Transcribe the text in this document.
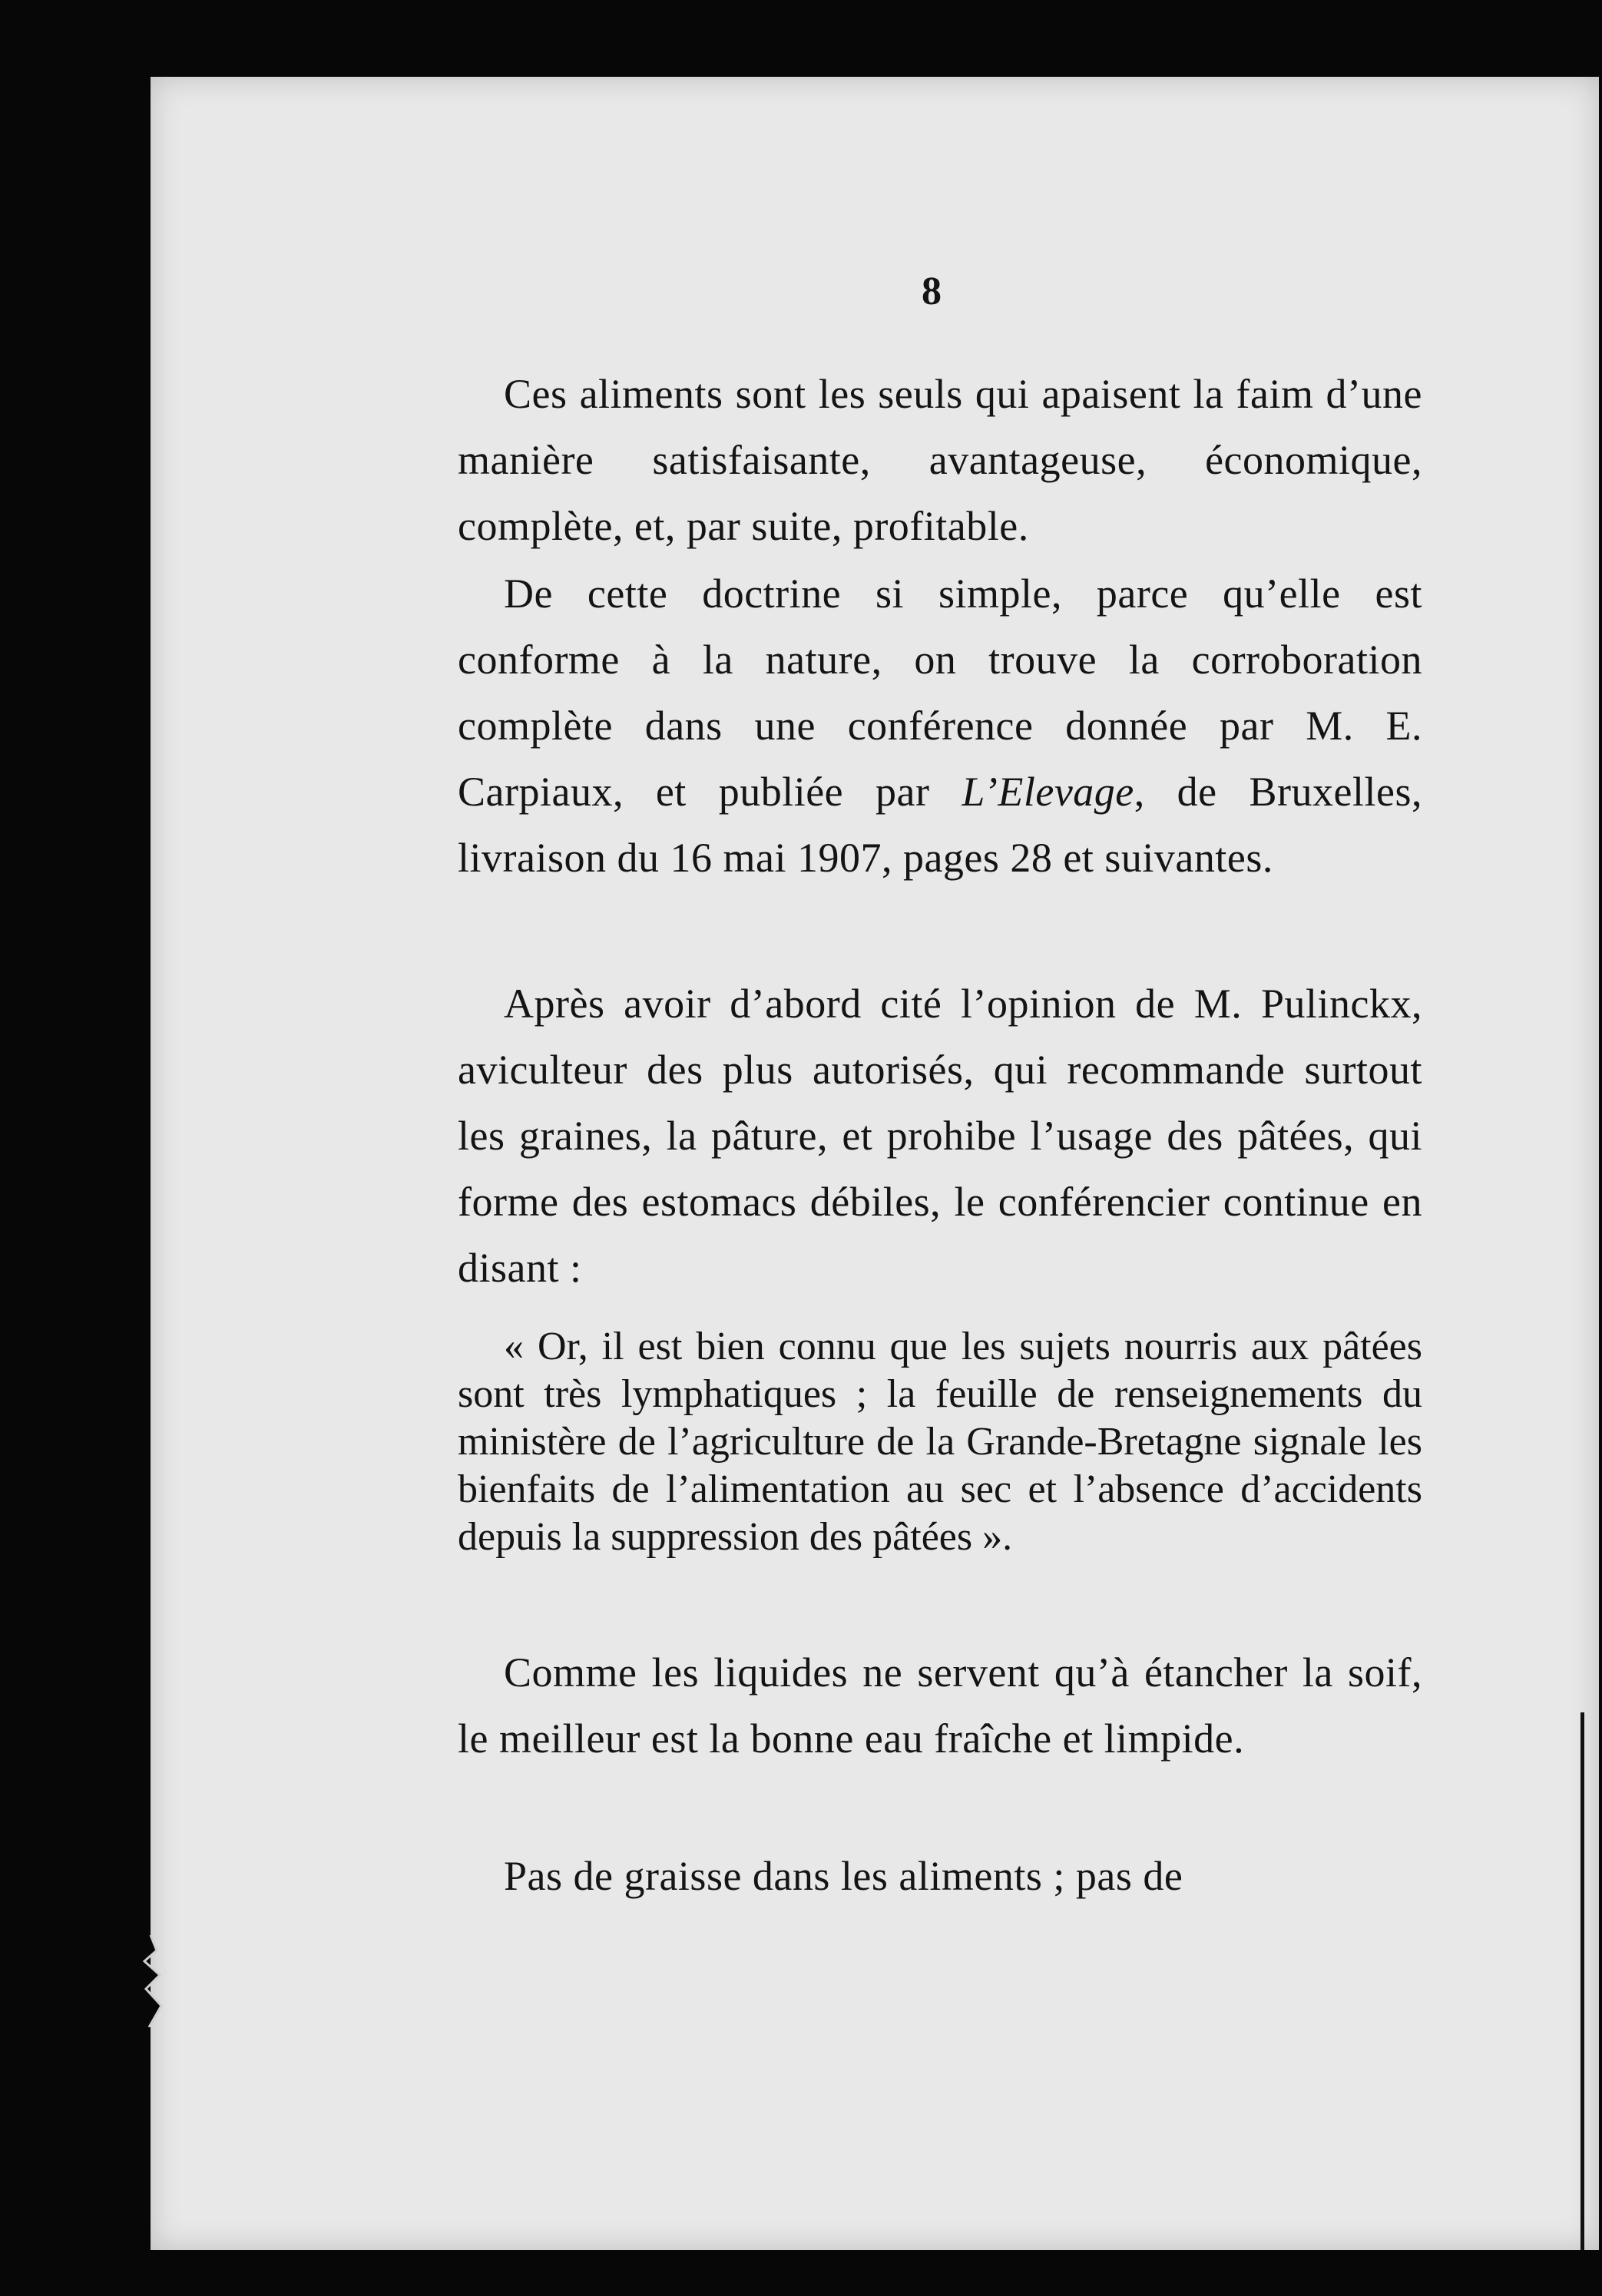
8

Ces aliments sont les seuls qui apaisent la faim d’une manière satisfaisante, avantageuse, économique, complète, et, par suite, profitable.

De cette doctrine si simple, parce qu’elle est conforme à la nature, on trouve la corroboration complète dans une conférence donnée par M. E. Carpiaux, et publiée par L’Elevage, de Bruxelles, livraison du 16 mai 1907, pages 28 et suivantes.

Après avoir d’abord cité l’opinion de M. Pulinckx, aviculteur des plus autorisés, qui recommande surtout les graines, la pâture, et prohibe l’usage des pâtées, qui forme des estomacs débiles, le conférencier continue en disant :

« Or, il est bien connu que les sujets nourris aux pâtées sont très lymphatiques ; la feuille de renseignements du ministère de l’agriculture de la Grande-Bretagne signale les bienfaits de l’alimentation au sec et l’absence d’accidents depuis la suppression des pâtées ».

Comme les liquides ne servent qu’à étancher la soif, le meilleur est la bonne eau fraîche et limpide.

Pas de graisse dans les aliments ; pas de
